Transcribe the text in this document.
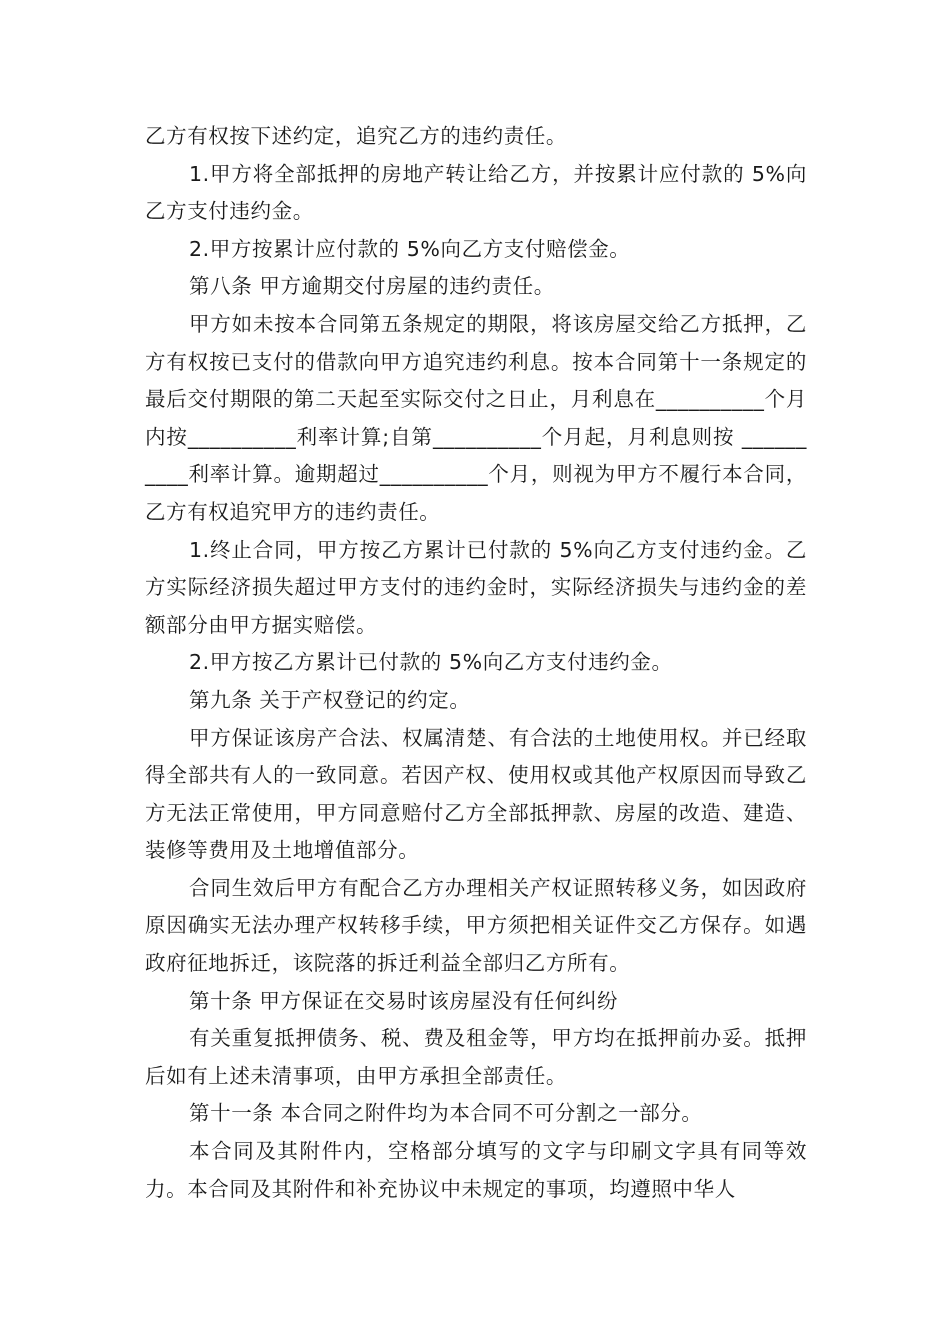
乙方有权按下述约定，追究乙方的违约责任。

1.甲方将全部抵押的房地产转让给乙方，并按累计应付款的 5%向乙方支付违约金。

2.甲方按累计应付款的 5%向乙方支付赔偿金。

第八条 甲方逾期交付房屋的违约责任。

甲方如未按本合同第五条规定的期限，将该房屋交给乙方抵押，乙方有权按已支付的借款向甲方追究违约利息。按本合同第十一条规定的最后交付期限的第二天起至实际交付之日止，月利息在__________个月内按__________利率计算;自第__________个月起，月利息则按 __________利率计算。逾期超过__________个月，则视为甲方不履行本合同，乙方有权追究甲方的违约责任。

1.终止合同，甲方按乙方累计已付款的 5%向乙方支付违约金。乙方实际经济损失超过甲方支付的违约金时，实际经济损失与违约金的差额部分由甲方据实赔偿。

2.甲方按乙方累计已付款的 5%向乙方支付违约金。

第九条 关于产权登记的约定。

甲方保证该房产合法、权属清楚、有合法的土地使用权。并已经取得全部共有人的一致同意。若因产权、使用权或其他产权原因而导致乙方无法正常使用，甲方同意赔付乙方全部抵押款、房屋的改造、建造、装修等费用及土地增值部分。

合同生效后甲方有配合乙方办理相关产权证照转移义务，如因政府原因确实无法办理产权转移手续，甲方须把相关证件交乙方保存。如遇政府征地拆迁，该院落的拆迁利益全部归乙方所有。

第十条 甲方保证在交易时该房屋没有任何纠纷

有关重复抵押债务、税、费及租金等，甲方均在抵押前办妥。抵押后如有上述未清事项，由甲方承担全部责任。

第十一条 本合同之附件均为本合同不可分割之一部分。

本合同及其附件内，空格部分填写的文字与印刷文字具有同等效力。本合同及其附件和补充协议中未规定的事项，均遵照中华人
